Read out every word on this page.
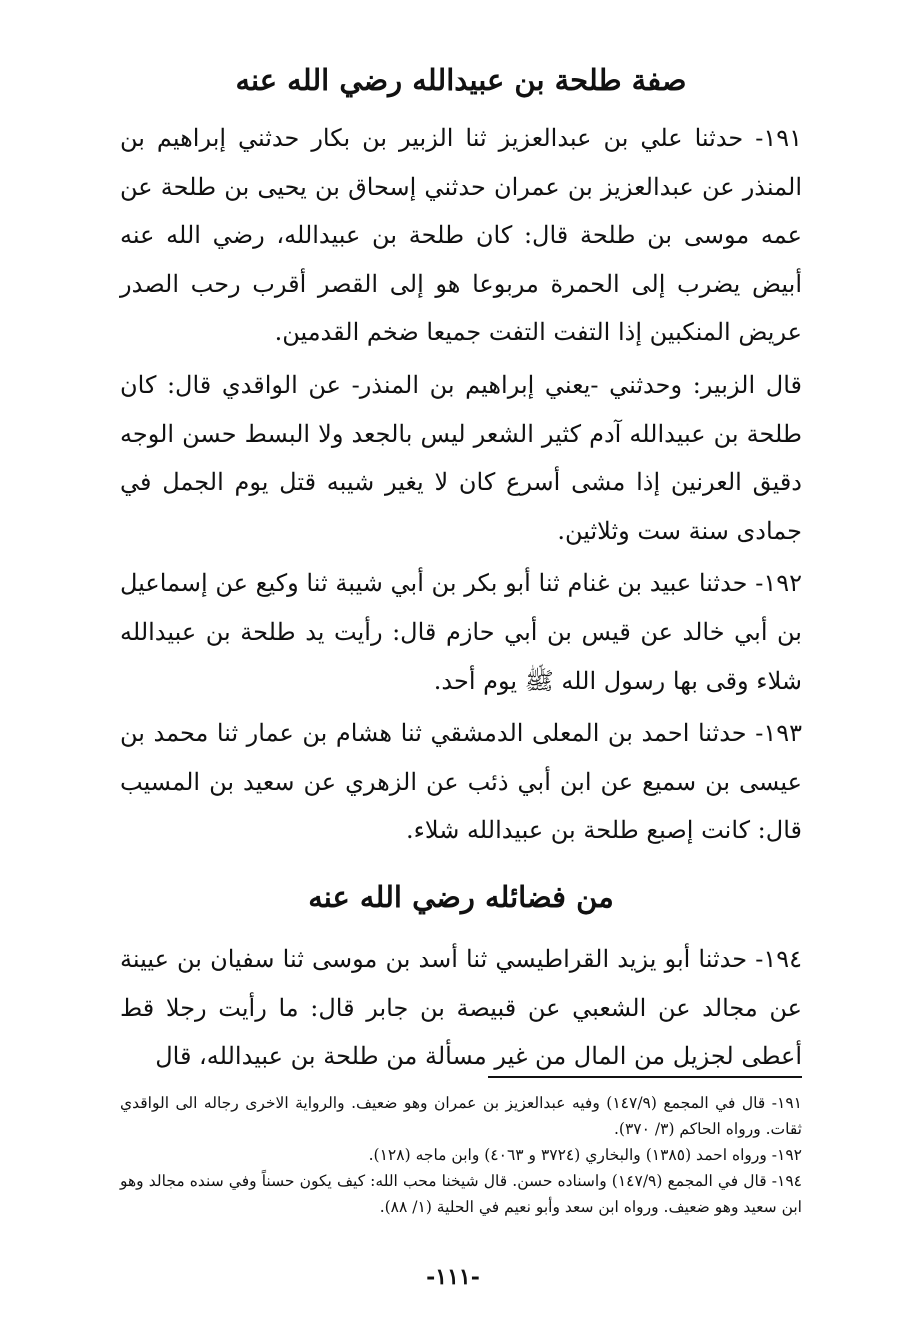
صفة طلحة بن عبيدالله رضي الله عنه

١٩١- حدثنا علي بن عبدالعزيز ثنا الزبير بن بكار حدثني إبراهيم بن المنذر عن عبدالعزيز بن عمران حدثني إسحاق بن يحيى بن طلحة عن عمه موسى بن طلحة قال: كان طلحة بن عبيدالله، رضي الله عنه أبيض يضرب إلى الحمرة مربوعا هو إلى القصر أقرب رحب الصدر عريض المنكبين إذا التفت التفت جميعا ضخم القدمين.

قال الزبير: وحدثني -يعني إبراهيم بن المنذر- عن الواقدي قال: كان طلحة بن عبيدالله آدم كثير الشعر ليس بالجعد ولا البسط حسن الوجه دقيق العرنين إذا مشى أسرع كان لا يغير شيبه قتل يوم الجمل في جمادى سنة ست وثلاثين.

١٩٢- حدثنا عبيد بن غنام ثنا أبو بكر بن أبي شيبة ثنا وكيع عن إسماعيل بن أبي خالد عن قيس بن أبي حازم قال: رأيت يد طلحة بن عبيدالله شلاء وقى بها رسول الله ﷺ يوم أحد.

١٩٣- حدثنا احمد بن المعلى الدمشقي ثنا هشام بن عمار ثنا محمد بن عيسى بن سميع عن ابن أبي ذئب عن الزهري عن سعيد بن المسيب قال: كانت إصبع طلحة بن عبيدالله شلاء.

من فضائله رضي الله عنه

١٩٤- حدثنا أبو يزيد القراطيسي ثنا أسد بن موسى ثنا سفيان بن عيينة عن مجالد عن الشعبي عن قبيصة بن جابر قال: ما رأيت رجلا قط أعطى لجزيل من المال من غير مسألة من طلحة بن عبيدالله، قال

١٩١- قال في المجمع (١٤٧/٩) وفيه عبدالعزيز بن عمران وهو ضعيف. والرواية الاخرى رجاله الى الواقدي ثقات. ورواه الحاكم (٣/ ٣٧٠).

١٩٢- ورواه احمد (١٣٨٥) والبخاري (٣٧٢٤ و ٤٠٦٣) وابن ماجه (١٢٨).

١٩٤- قال في المجمع (١٤٧/٩) واسناده حسن. قال شيخنا محب الله: كيف يكون حسناً وفي سنده مجالد وهو ابن سعيد وهو ضعيف. ورواه ابن سعد وأبو نعيم في الحلية (١/ ٨٨).

-١١١-
